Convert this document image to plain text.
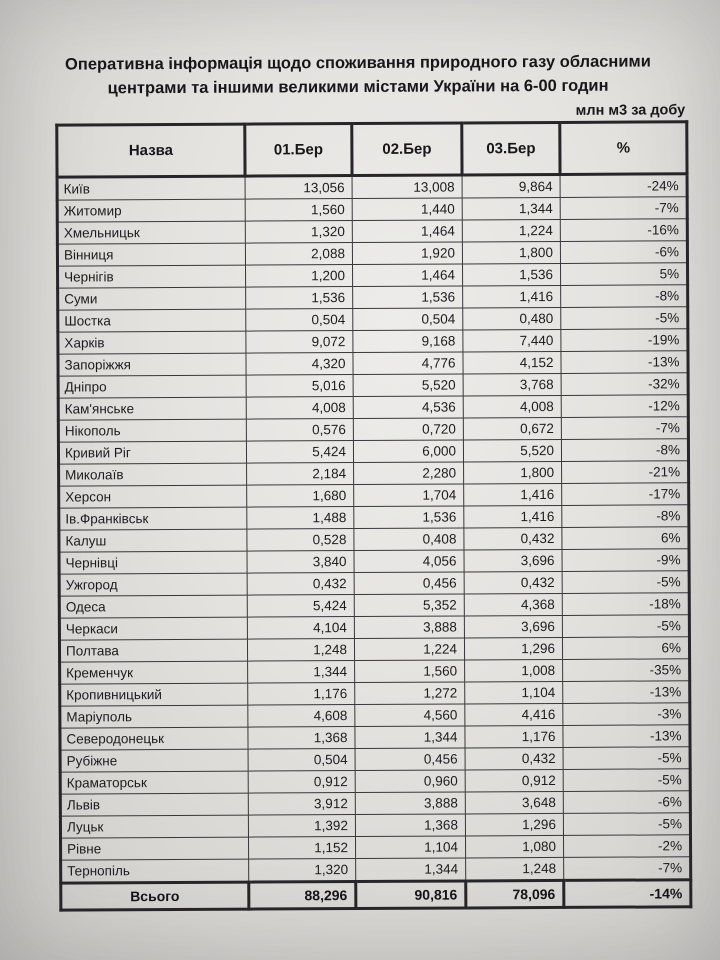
Оперативна інформація щодо споживання природного газу обласними
центрами та іншими великими містами України на 6-00 годин
млн м3 за добу
Назва	01.Бер	02.Бер	03.Бер	%
Київ	13,056	13,008	9,864	-24%
Житомир	1,560	1,440	1,344	-7%
Хмельницьк	1,320	1,464	1,224	-16%
Вінниця	2,088	1,920	1,800	-6%
Чернігів	1,200	1,464	1,536	5%
Суми	1,536	1,536	1,416	-8%
Шостка	0,504	0,504	0,480	-5%
Харків	9,072	9,168	7,440	-19%
Запоріжжя	4,320	4,776	4,152	-13%
Дніпро	5,016	5,520	3,768	-32%
Кам'янське	4,008	4,536	4,008	-12%
Нікополь	0,576	0,720	0,672	-7%
Кривий Ріг	5,424	6,000	5,520	-8%
Миколаїв	2,184	2,280	1,800	-21%
Херсон	1,680	1,704	1,416	-17%
Ів.Франківськ	1,488	1,536	1,416	-8%
Калуш	0,528	0,408	0,432	6%
Чернівці	3,840	4,056	3,696	-9%
Ужгород	0,432	0,456	0,432	-5%
Одеса	5,424	5,352	4,368	-18%
Черкаси	4,104	3,888	3,696	-5%
Полтава	1,248	1,224	1,296	6%
Кременчук	1,344	1,560	1,008	-35%
Кропивницький	1,176	1,272	1,104	-13%
Маріуполь	4,608	4,560	4,416	-3%
Северодонецьк	1,368	1,344	1,176	-13%
Рубіжне	0,504	0,456	0,432	-5%
Краматорськ	0,912	0,960	0,912	-5%
Львів	3,912	3,888	3,648	-6%
Луцьк	1,392	1,368	1,296	-5%
Рівне	1,152	1,104	1,080	-2%
Тернопіль	1,320	1,344	1,248	-7%
Всього	88,296	90,816	78,096	-14%
